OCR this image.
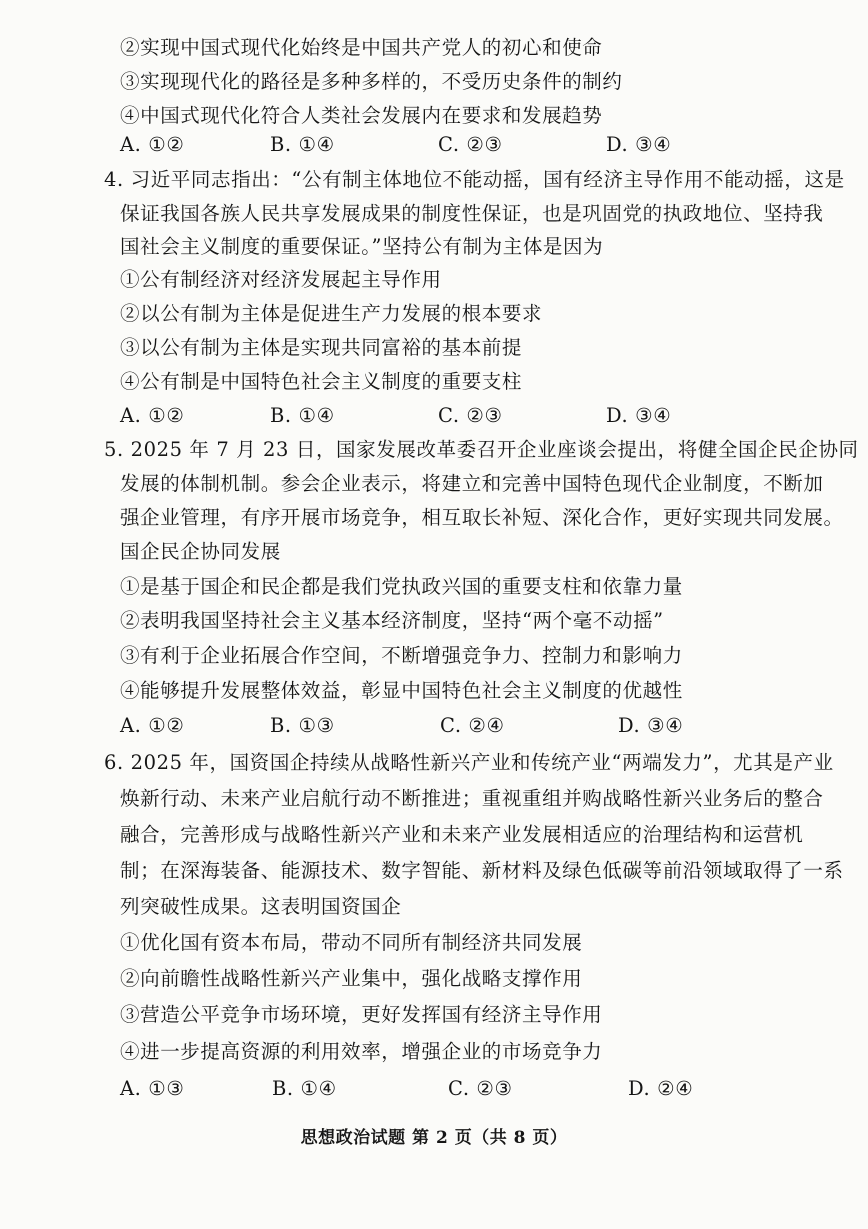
②实现中国式现代化始终是中国共产党人的初心和使命
③实现现代化的路径是多种多样的，不受历史条件的制约
④中国式现代化符合人类社会发展内在要求和发展趋势
A. ①②	B. ①④	C. ②③	D. ③④
4. 习近平同志指出：“公有制主体地位不能动摇，国有经济主导作用不能动摇，这是
保证我国各族人民共享发展成果的制度性保证，也是巩固党的执政地位、坚持我
国社会主义制度的重要保证。”坚持公有制为主体是因为
①公有制经济对经济发展起主导作用
②以公有制为主体是促进生产力发展的根本要求
③以公有制为主体是实现共同富裕的基本前提
④公有制是中国特色社会主义制度的重要支柱
A. ①②	B. ①④	C. ②③	D. ③④
5. 2025 年 7 月 23 日，国家发展改革委召开企业座谈会提出，将健全国企民企协同
发展的体制机制。参会企业表示，将建立和完善中国特色现代企业制度，不断加
强企业管理，有序开展市场竞争，相互取长补短、深化合作，更好实现共同发展。
国企民企协同发展
①是基于国企和民企都是我们党执政兴国的重要支柱和依靠力量
②表明我国坚持社会主义基本经济制度，坚持“两个毫不动摇”
③有利于企业拓展合作空间，不断增强竞争力、控制力和影响力
④能够提升发展整体效益，彰显中国特色社会主义制度的优越性
A. ①②	B. ①③	C. ②④	D. ③④
6. 2025 年，国资国企持续从战略性新兴产业和传统产业“两端发力”，尤其是产业
焕新行动、未来产业启航行动不断推进；重视重组并购战略性新兴业务后的整合
融合，完善形成与战略性新兴产业和未来产业发展相适应的治理结构和运营机
制；在深海装备、能源技术、数字智能、新材料及绿色低碳等前沿领域取得了一系
列突破性成果。这表明国资国企
①优化国有资本布局，带动不同所有制经济共同发展
②向前瞻性战略性新兴产业集中，强化战略支撑作用
③营造公平竞争市场环境，更好发挥国有经济主导作用
④进一步提高资源的利用效率，增强企业的市场竞争力
A. ①③	B. ①④	C. ②③	D. ②④
思想政治试题 第 2 页（共 8 页）
